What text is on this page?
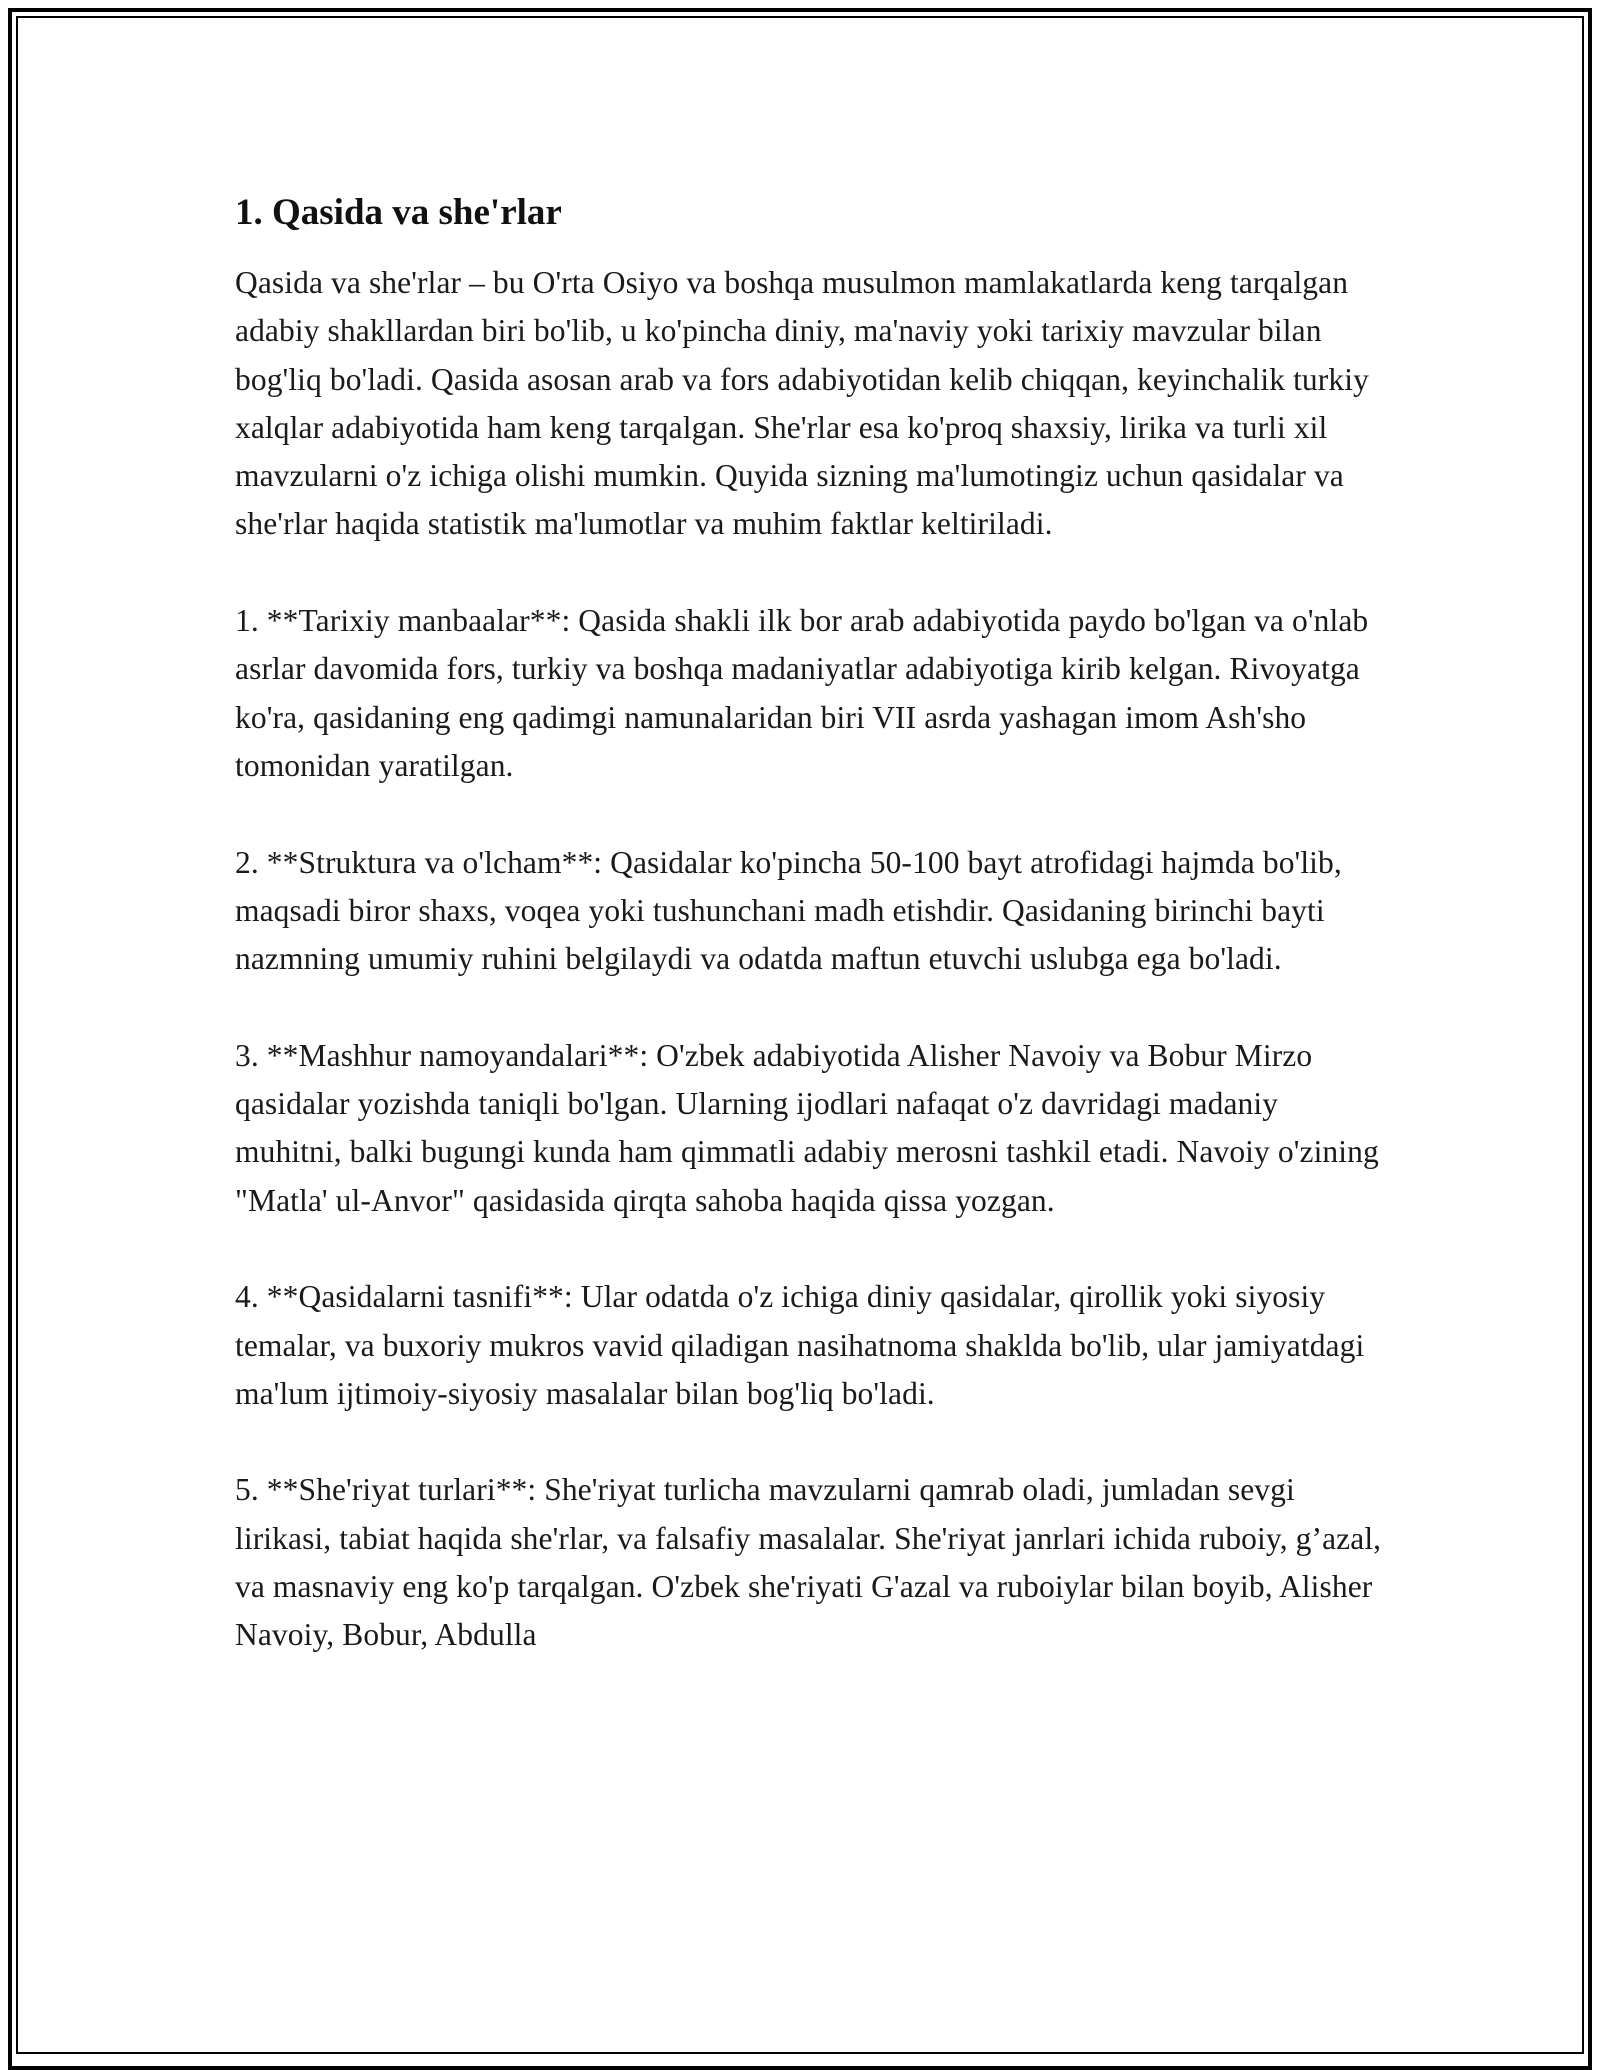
1. Qasida va she'rlar

Qasida va she'rlar – bu O'rta Osiyo va boshqa musulmon mamlakatlarda keng tarqalgan adabiy shakllardan biri bo'lib, u ko'pincha diniy, ma'naviy yoki tarixiy mavzular bilan bog'liq bo'ladi. Qasida asosan arab va fors adabiyotidan kelib chiqqan, keyinchalik turkiy xalqlar adabiyotida ham keng tarqalgan. She'rlar esa ko'proq shaxsiy, lirika va turli xil mavzularni o'z ichiga olishi mumkin. Quyida sizning ma'lumotingiz uchun qasidalar va she'rlar haqida statistik ma'lumotlar va muhim faktlar keltiriladi.

1. **Tarixiy manbaalar**: Qasida shakli ilk bor arab adabiyotida paydo bo'lgan va o'nlab asrlar davomida fors, turkiy va boshqa madaniyatlar adabiyotiga kirib kelgan. Rivoyatga ko'ra, qasidaning eng qadimgi namunalaridan biri VII asrda yashagan imom Ash'sho tomonidan yaratilgan.

2. **Struktura va o'lcham**: Qasidalar ko'pincha 50-100 bayt atrofidagi hajmda bo'lib, maqsadi biror shaxs, voqea yoki tushunchani madh etishdir. Qasidaning birinchi bayti nazmning umumiy ruhini belgilaydi va odatda maftun etuvchi uslubga ega bo'ladi.

3. **Mashhur namoyandalari**: O'zbek adabiyotida Alisher Navoiy va Bobur Mirzo qasidalar yozishda taniqli bo'lgan. Ularning ijodlari nafaqat o'z davridagi madaniy muhitni, balki bugungi kunda ham qimmatli adabiy merosni tashkil etadi. Navoiy o'zining "Matla' ul-Anvor" qasidasida qirqta sahoba haqida qissa yozgan.

4. **Qasidalarni tasnifi**: Ular odatda o'z ichiga diniy qasidalar, qirollik yoki siyosiy temalar, va buxoriy mukros vavid qiladigan nasihatnoma shaklda bo'lib, ular jamiyatdagi ma'lum ijtimoiy-siyosiy masalalar bilan bog'liq bo'ladi.

5. **She'riyat turlari**: She'riyat turlicha mavzularni qamrab oladi, jumladan sevgi lirikasi, tabiat haqida she'rlar, va falsafiy masalalar. She'riyat janrlari ichida ruboiy, g’azal, va masnaviy eng ko'p tarqalgan. O'zbek she'riyati G'azal va ruboiylar bilan boyib, Alisher Navoiy, Bobur, Abdulla
